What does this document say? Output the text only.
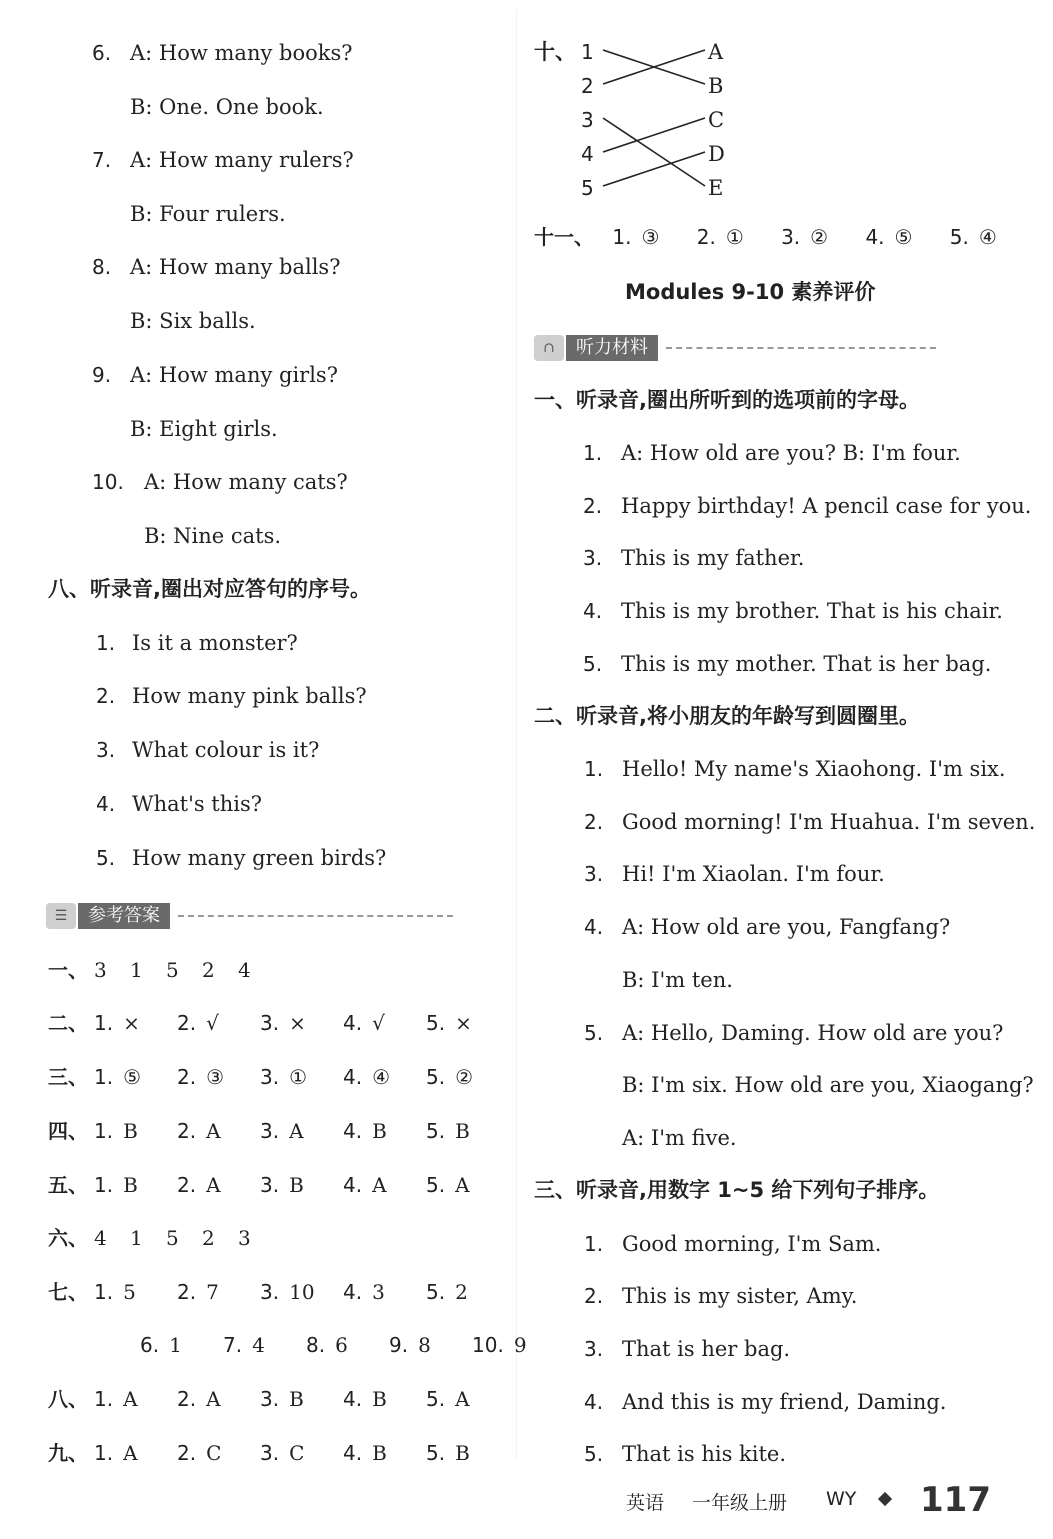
6. A: How many books?
B: One. One book.
7. A: How many rulers?
B: Four rulers.
8. A: How many balls?
B: Six balls.
9. A: How many girls?
B: Eight girls.
10. A: How many cats?
B: Nine cats.
八、听录音,圈出对应答句的序号。
1. Is it a monster?
2. How many pink balls?
3. What colour is it?
4. What's this?
5. How many green birds?
☰	参考答案
一、 3 1 5 2 4
二、 1. × 2. √ 3. × 4. √ 5. ×
三、 1. ⑤ 2. ③ 3. ① 4. ④ 5. ②
四、 1. B 2. A 3. A 4. B 5. B
五、 1. B 2. A 3. B 4. A 5. A
六、 4 1 5 2 3
七、 1. 5 2. 7 3. 10 4. 3 5. 2
6. 1 7. 4 8. 6 9. 8 10. 9
八、 1. A 2. A 3. B 4. B 5. A
九、 1. A 2. C 3. C 4. B 5. B
十、 1
2
3
4
5
A
B
C
D
E
十一、 1. ③ 2. ① 3. ② 4. ⑤ 5. ④
Modules 9-10 素养评价
∩	听力材料
一、听录音,圈出所听到的选项前的字母。
1. A: How old are you? B: I'm four.
2. Happy birthday! A pencil case for you.
3. This is my father.
4. This is my brother. That is his chair.
5. This is my mother. That is her bag.
二、听录音,将小朋友的年龄写到圆圈里。
1. Hello! My name's Xiaohong. I'm six.
2. Good morning! I'm Huahua. I'm seven.
3. Hi! I'm Xiaolan. I'm four.
4. A: How old are you, Fangfang?
B: I'm ten.
5. A: Hello, Daming. How old are you?
B: I'm six. How old are you, Xiaogang?
A: I'm five.
三、听录音,用数字 1~5 给下列句子排序。
1. Good morning, I'm Sam.
2. This is my sister, Amy.
3. That is her bag.
4. And this is my friend, Daming.
5. That is his kite.
英语 一年级上册 WY 117
